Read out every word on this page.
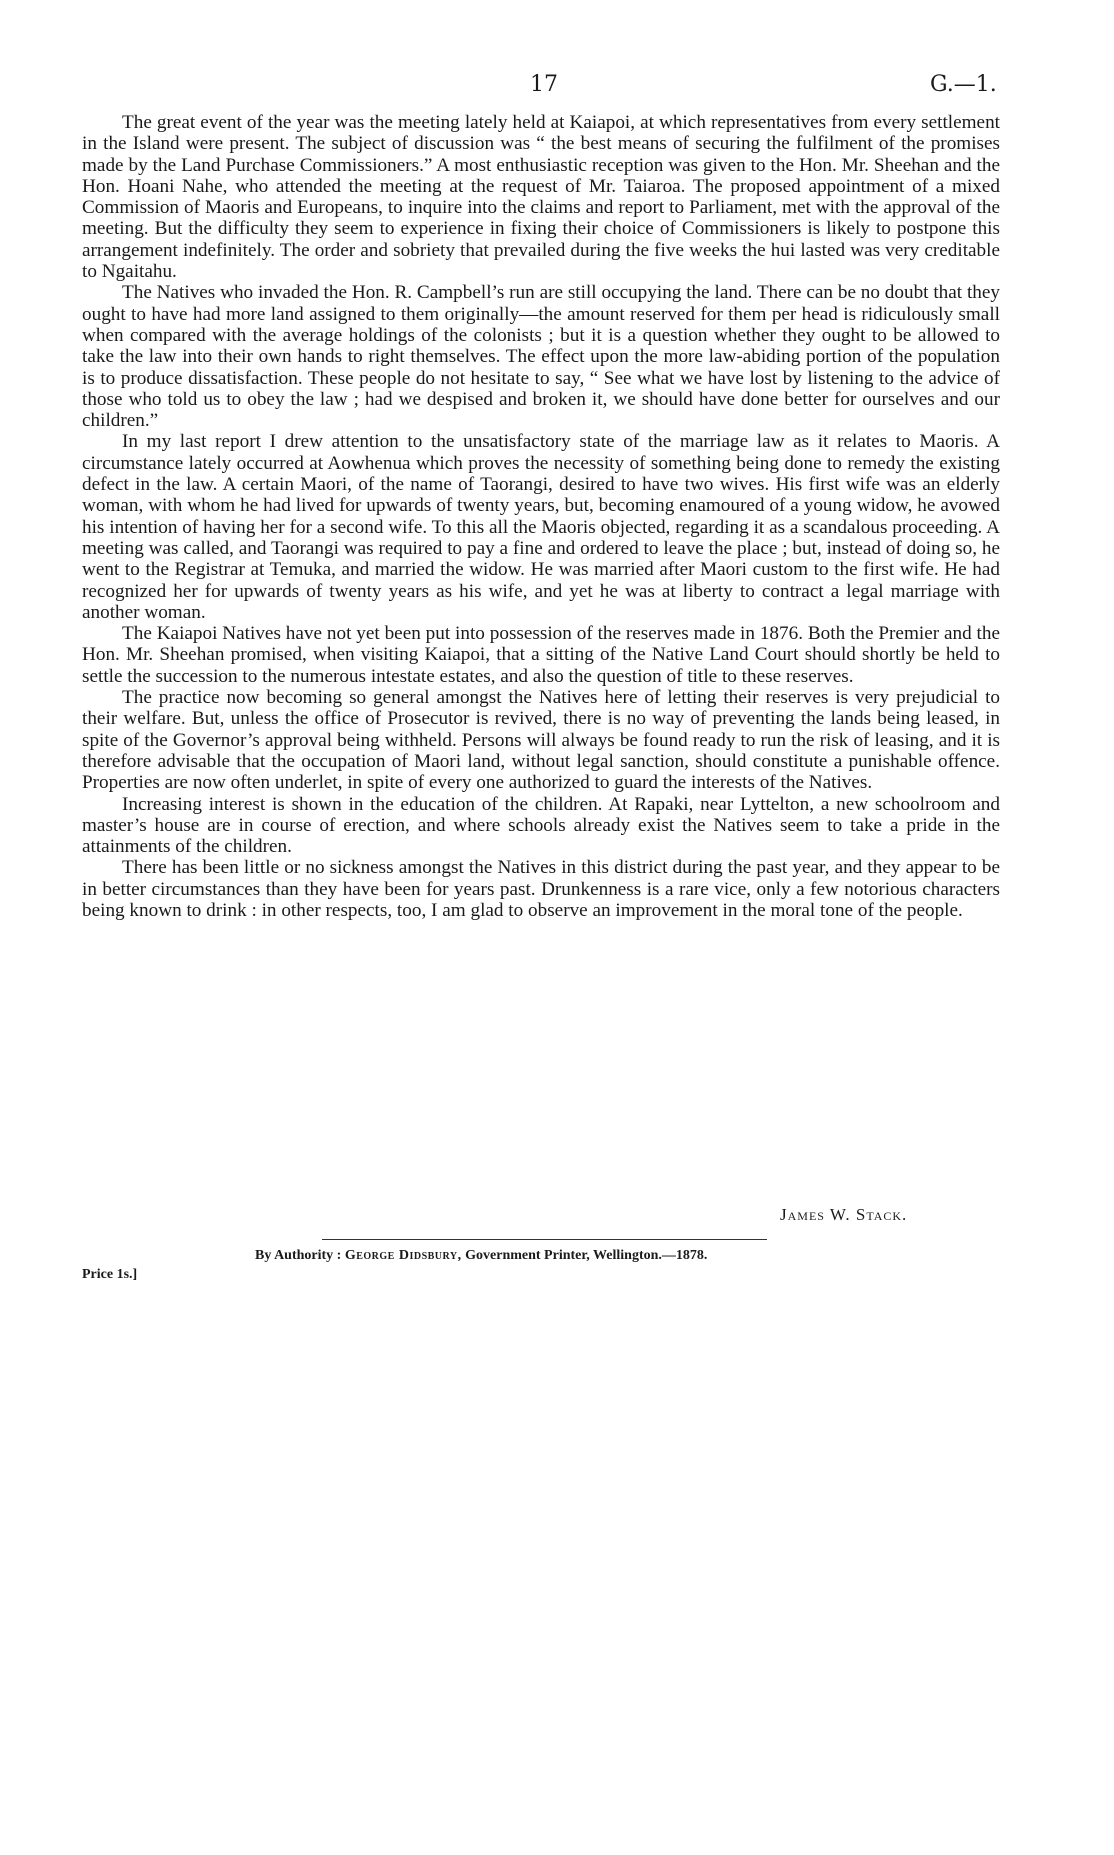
17	G.—1.

The great event of the year was the meeting lately held at Kaiapoi, at which representatives from every settlement in the Island were present. The subject of discussion was “ the best means of securing the fulfilment of the promises made by the Land Purchase Commissioners.” A most enthusiastic reception was given to the Hon. Mr. Sheehan and the Hon. Hoani Nahe, who attended the meeting at the request of Mr. Taiaroa. The proposed appointment of a mixed Commission of Maoris and Europeans, to inquire into the claims and report to Parliament, met with the approval of the meeting. But the difficulty they seem to experience in fixing their choice of Commissioners is likely to postpone this arrangement indefinitely. The order and sobriety that prevailed during the five weeks the hui lasted was very creditable to Ngaitahu.

The Natives who invaded the Hon. R. Campbell’s run are still occupying the land. There can be no doubt that they ought to have had more land assigned to them originally—the amount reserved for them per head is ridiculously small when compared with the average holdings of the colonists ; but it is a question whether they ought to be allowed to take the law into their own hands to right themselves. The effect upon the more law-abiding portion of the population is to produce dissatisfaction. These people do not hesitate to say, “ See what we have lost by listening to the advice of those who told us to obey the law ; had we despised and broken it, we should have done better for ourselves and our children.”

In my last report I drew attention to the unsatisfactory state of the marriage law as it relates to Maoris. A circumstance lately occurred at Aowhenua which proves the necessity of something being done to remedy the existing defect in the law. A certain Maori, of the name of Taorangi, desired to have two wives. His first wife was an elderly woman, with whom he had lived for upwards of twenty years, but, becoming enamoured of a young widow, he avowed his intention of having her for a second wife. To this all the Maoris objected, regarding it as a scandalous proceeding. A meeting was called, and Taorangi was required to pay a fine and ordered to leave the place ; but, instead of doing so, he went to the Registrar at Temuka, and married the widow. He was married after Maori custom to the first wife. He had recognized her for upwards of twenty years as his wife, and yet he was at liberty to contract a legal marriage with another woman.

The Kaiapoi Natives have not yet been put into possession of the reserves made in 1876. Both the Premier and the Hon. Mr. Sheehan promised, when visiting Kaiapoi, that a sitting of the Native Land Court should shortly be held to settle the succession to the numerous intestate estates, and also the question of title to these reserves.

The practice now becoming so general amongst the Natives here of letting their reserves is very prejudicial to their welfare. But, unless the office of Prosecutor is revived, there is no way of preventing the lands being leased, in spite of the Governor’s approval being withheld. Persons will always be found ready to run the risk of leasing, and it is therefore advisable that the occupation of Maori land, without legal sanction, should constitute a punishable offence. Properties are now often underlet, in spite of every one authorized to guard the interests of the Natives.

Increasing interest is shown in the education of the children. At Rapaki, near Lyttelton, a new schoolroom and master’s house are in course of erection, and where schools already exist the Natives seem to take a pride in the attainments of the children.

There has been little or no sickness amongst the Natives in this district during the past year, and they appear to be in better circumstances than they have been for years past. Drunkenness is a rare vice, only a few notorious characters being known to drink : in other respects, too, I am glad to observe an improvement in the moral tone of the people.

James W. Stack.
By Authority : George Didsbury, Government Printer, Wellington.—1878.
Price 1s.]
